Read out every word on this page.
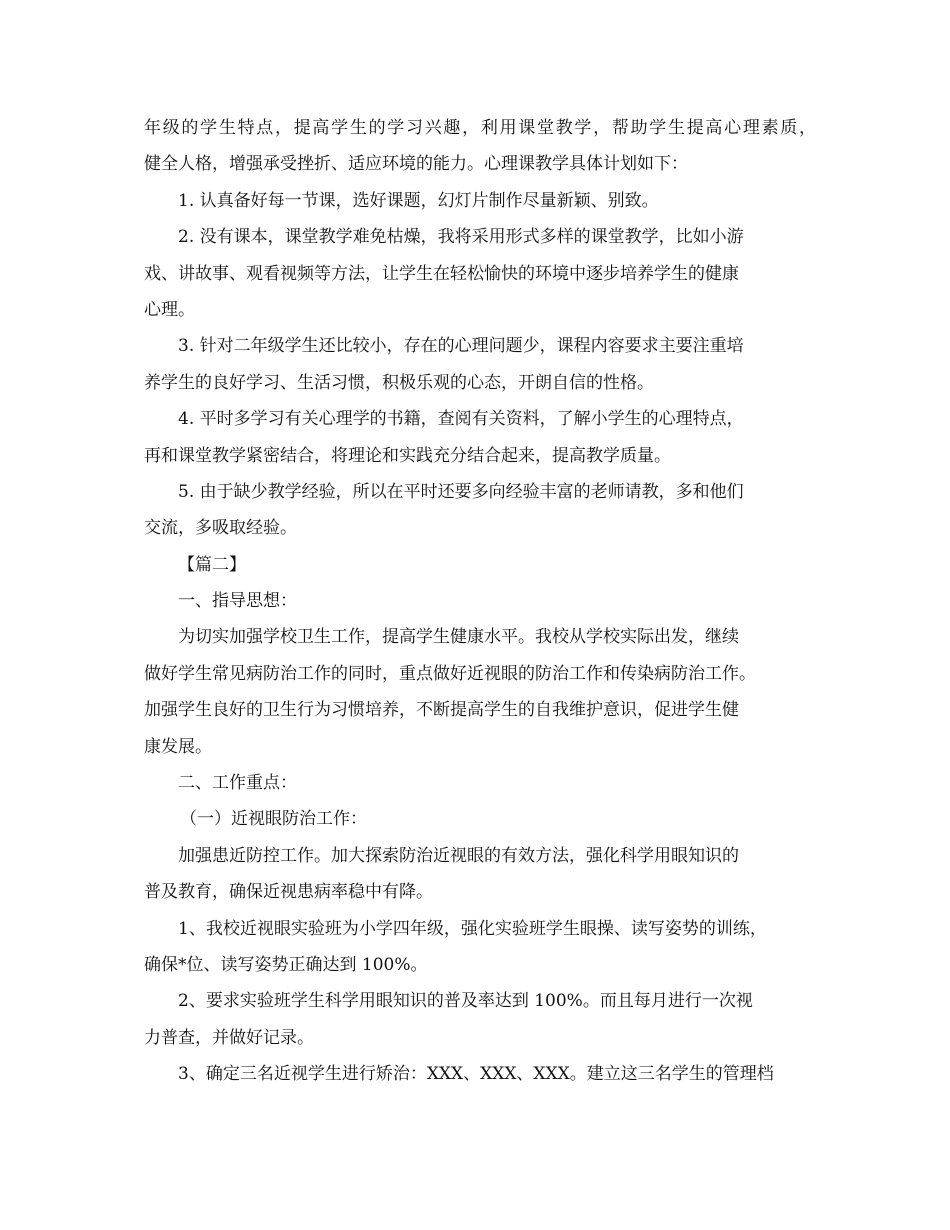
年级的学生特点，提高学生的学习兴趣，利用课堂教学，帮助学生提高心理素质，

健全人格，增强承受挫折、适应环境的能力。心理课教学具体计划如下：

1. 认真备好每一节课，选好课题，幻灯片制作尽量新颖、别致。

2. 没有课本，课堂教学难免枯燥，我将采用形式多样的课堂教学，比如小游

戏、讲故事、观看视频等方法，让学生在轻松愉快的环境中逐步培养学生的健康

心理。

3. 针对二年级学生还比较小，存在的心理问题少，课程内容要求主要注重培

养学生的良好学习、生活习惯，积极乐观的心态，开朗自信的性格。

4. 平时多学习有关心理学的书籍，查阅有关资料，了解小学生的心理特点，

再和课堂教学紧密结合，将理论和实践充分结合起来，提高教学质量。

5. 由于缺少教学经验，所以在平时还要多向经验丰富的老师请教，多和他们

交流，多吸取经验。

【篇二】

一、指导思想：

为切实加强学校卫生工作，提高学生健康水平。我校从学校实际出发，继续

做好学生常见病防治工作的同时，重点做好近视眼的防治工作和传染病防治工作。

加强学生良好的卫生行为习惯培养，不断提高学生的自我维护意识，促进学生健

康发展。

二、工作重点：

（一）近视眼防治工作：

加强患近防控工作。加大探索防治近视眼的有效方法，强化科学用眼知识的

普及教育，确保近视患病率稳中有降。

1、我校近视眼实验班为小学四年级，强化实验班学生眼操、读写姿势的训练，

确保*位、读写姿势正确达到 100%。

2、要求实验班学生科学用眼知识的普及率达到 100%。而且每月进行一次视

力普查，并做好记录。

3、确定三名近视学生进行矫治：XXX、XXX、XXX。建立这三名学生的管理档
